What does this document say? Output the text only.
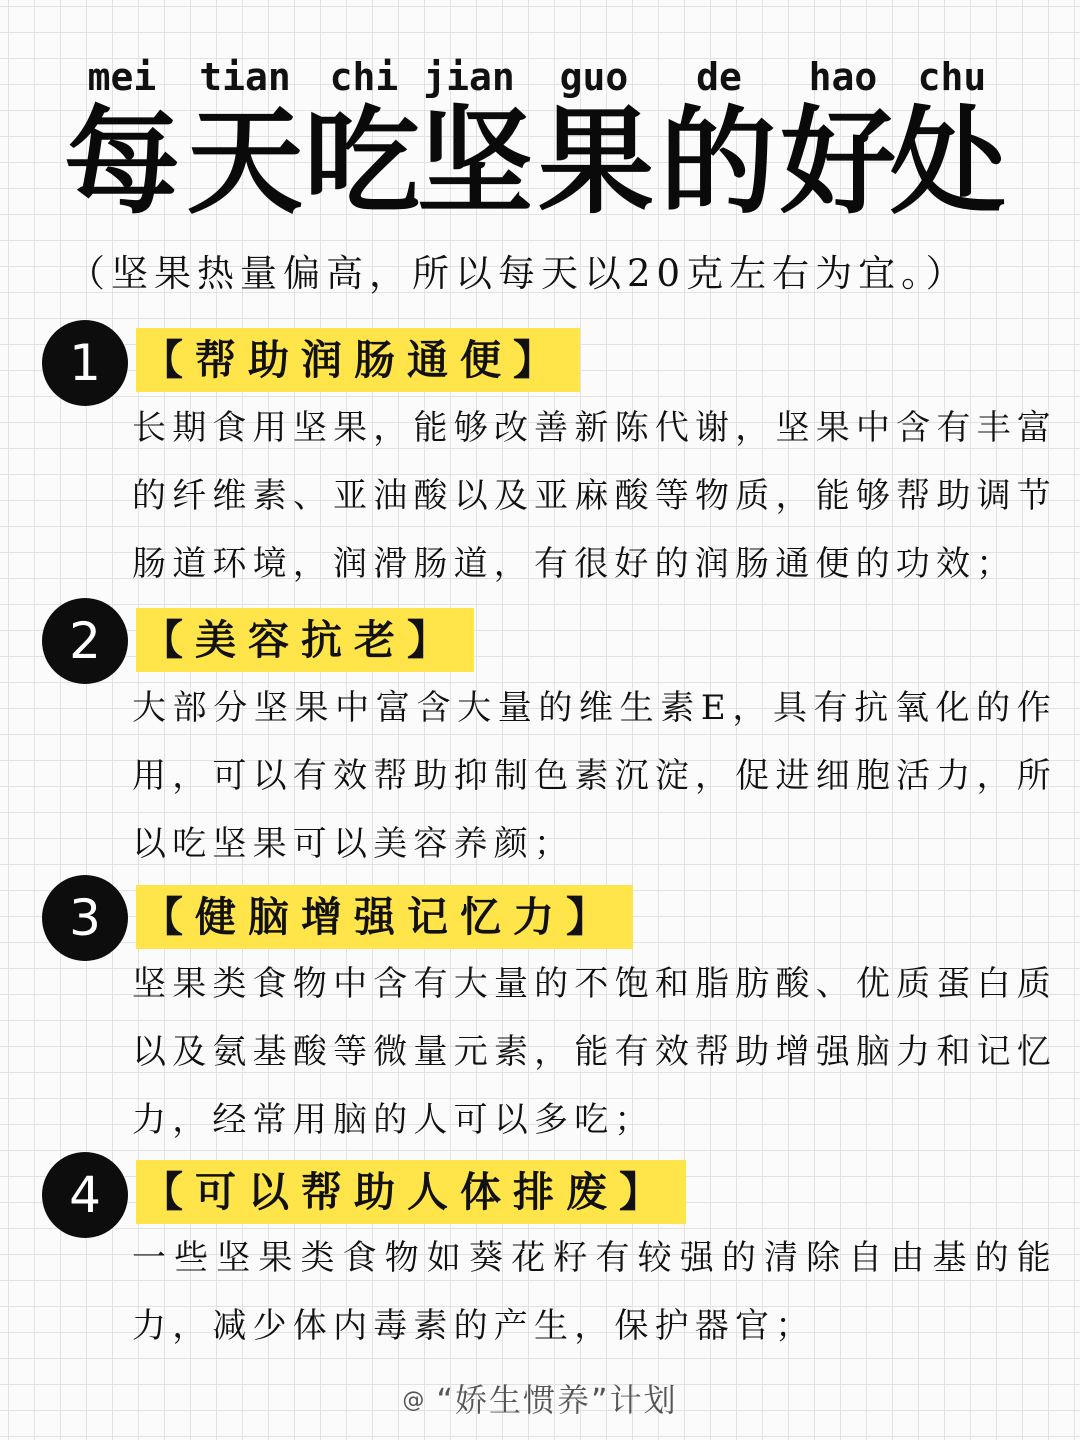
mei	tian	chi jian	guo	de	hao	chu
每 天 吃
坚 果 的 好
处
（坚果热量偏高，所以每天以20克左右为宜。）
1	【帮助润肠通便】
长期食用坚果，能够改善新陈代谢，坚果中含有丰富的纤维素、亚油酸以及亚麻酸等物质，能够帮助调节肠道环境，润滑肠道，有很好的润肠通便的功效；
2	【美容抗老】
大部分坚果中富含大量的维生素E，具有抗氧化的作用，可以有效帮助抑制色素沉淀，促进细胞活力，所以吃坚果可以美容养颜；
3	【健脑增强记忆力】
坚果类食物中含有大量的不饱和脂肪酸、优质蛋白质以及氨基酸等微量元素，能有效帮助增强脑力和记忆力，经常用脑的人可以多吃；
4	【可以帮助人体排废】
一些坚果类食物如葵花籽有较强的清除自由基的能力，减少体内毒素的产生，保护器官；
@ “娇生惯养”计划
